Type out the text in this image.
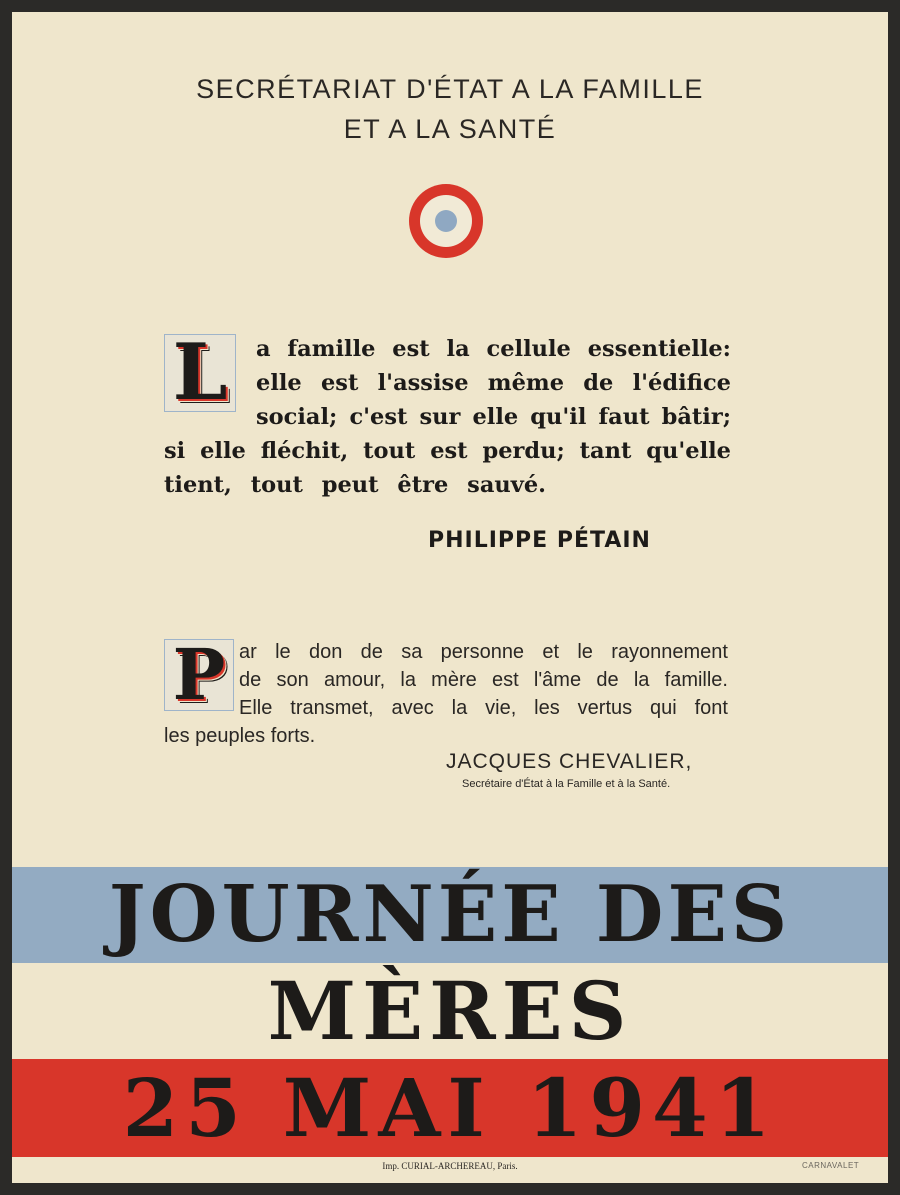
SECRÉTARIAT D'ÉTAT A LA FAMILLE
ET A LA SANTÉ
L	a famille est la cellule essentielle:
elle est l'assise même de l'édifice
social; c'est sur elle qu'il faut bâtir;
si elle fléchit, tout est perdu; tant qu'elle
tient, tout peut être sauvé.
PHILIPPE PÉTAIN
P ar le don de sa personne et le rayonnement
de son amour, la mère est l'âme de la famille.
Elle transmet, avec la vie, les vertus qui font
les peuples forts.
JACQUES CHEVALIER,
Secrétaire d'État à la Famille et à la Santé.
JOURNÉE DES
MÈRES
25 MAI 1941
Imp. CURIAL-ARCHEREAU, Paris.	CARNAVALET
